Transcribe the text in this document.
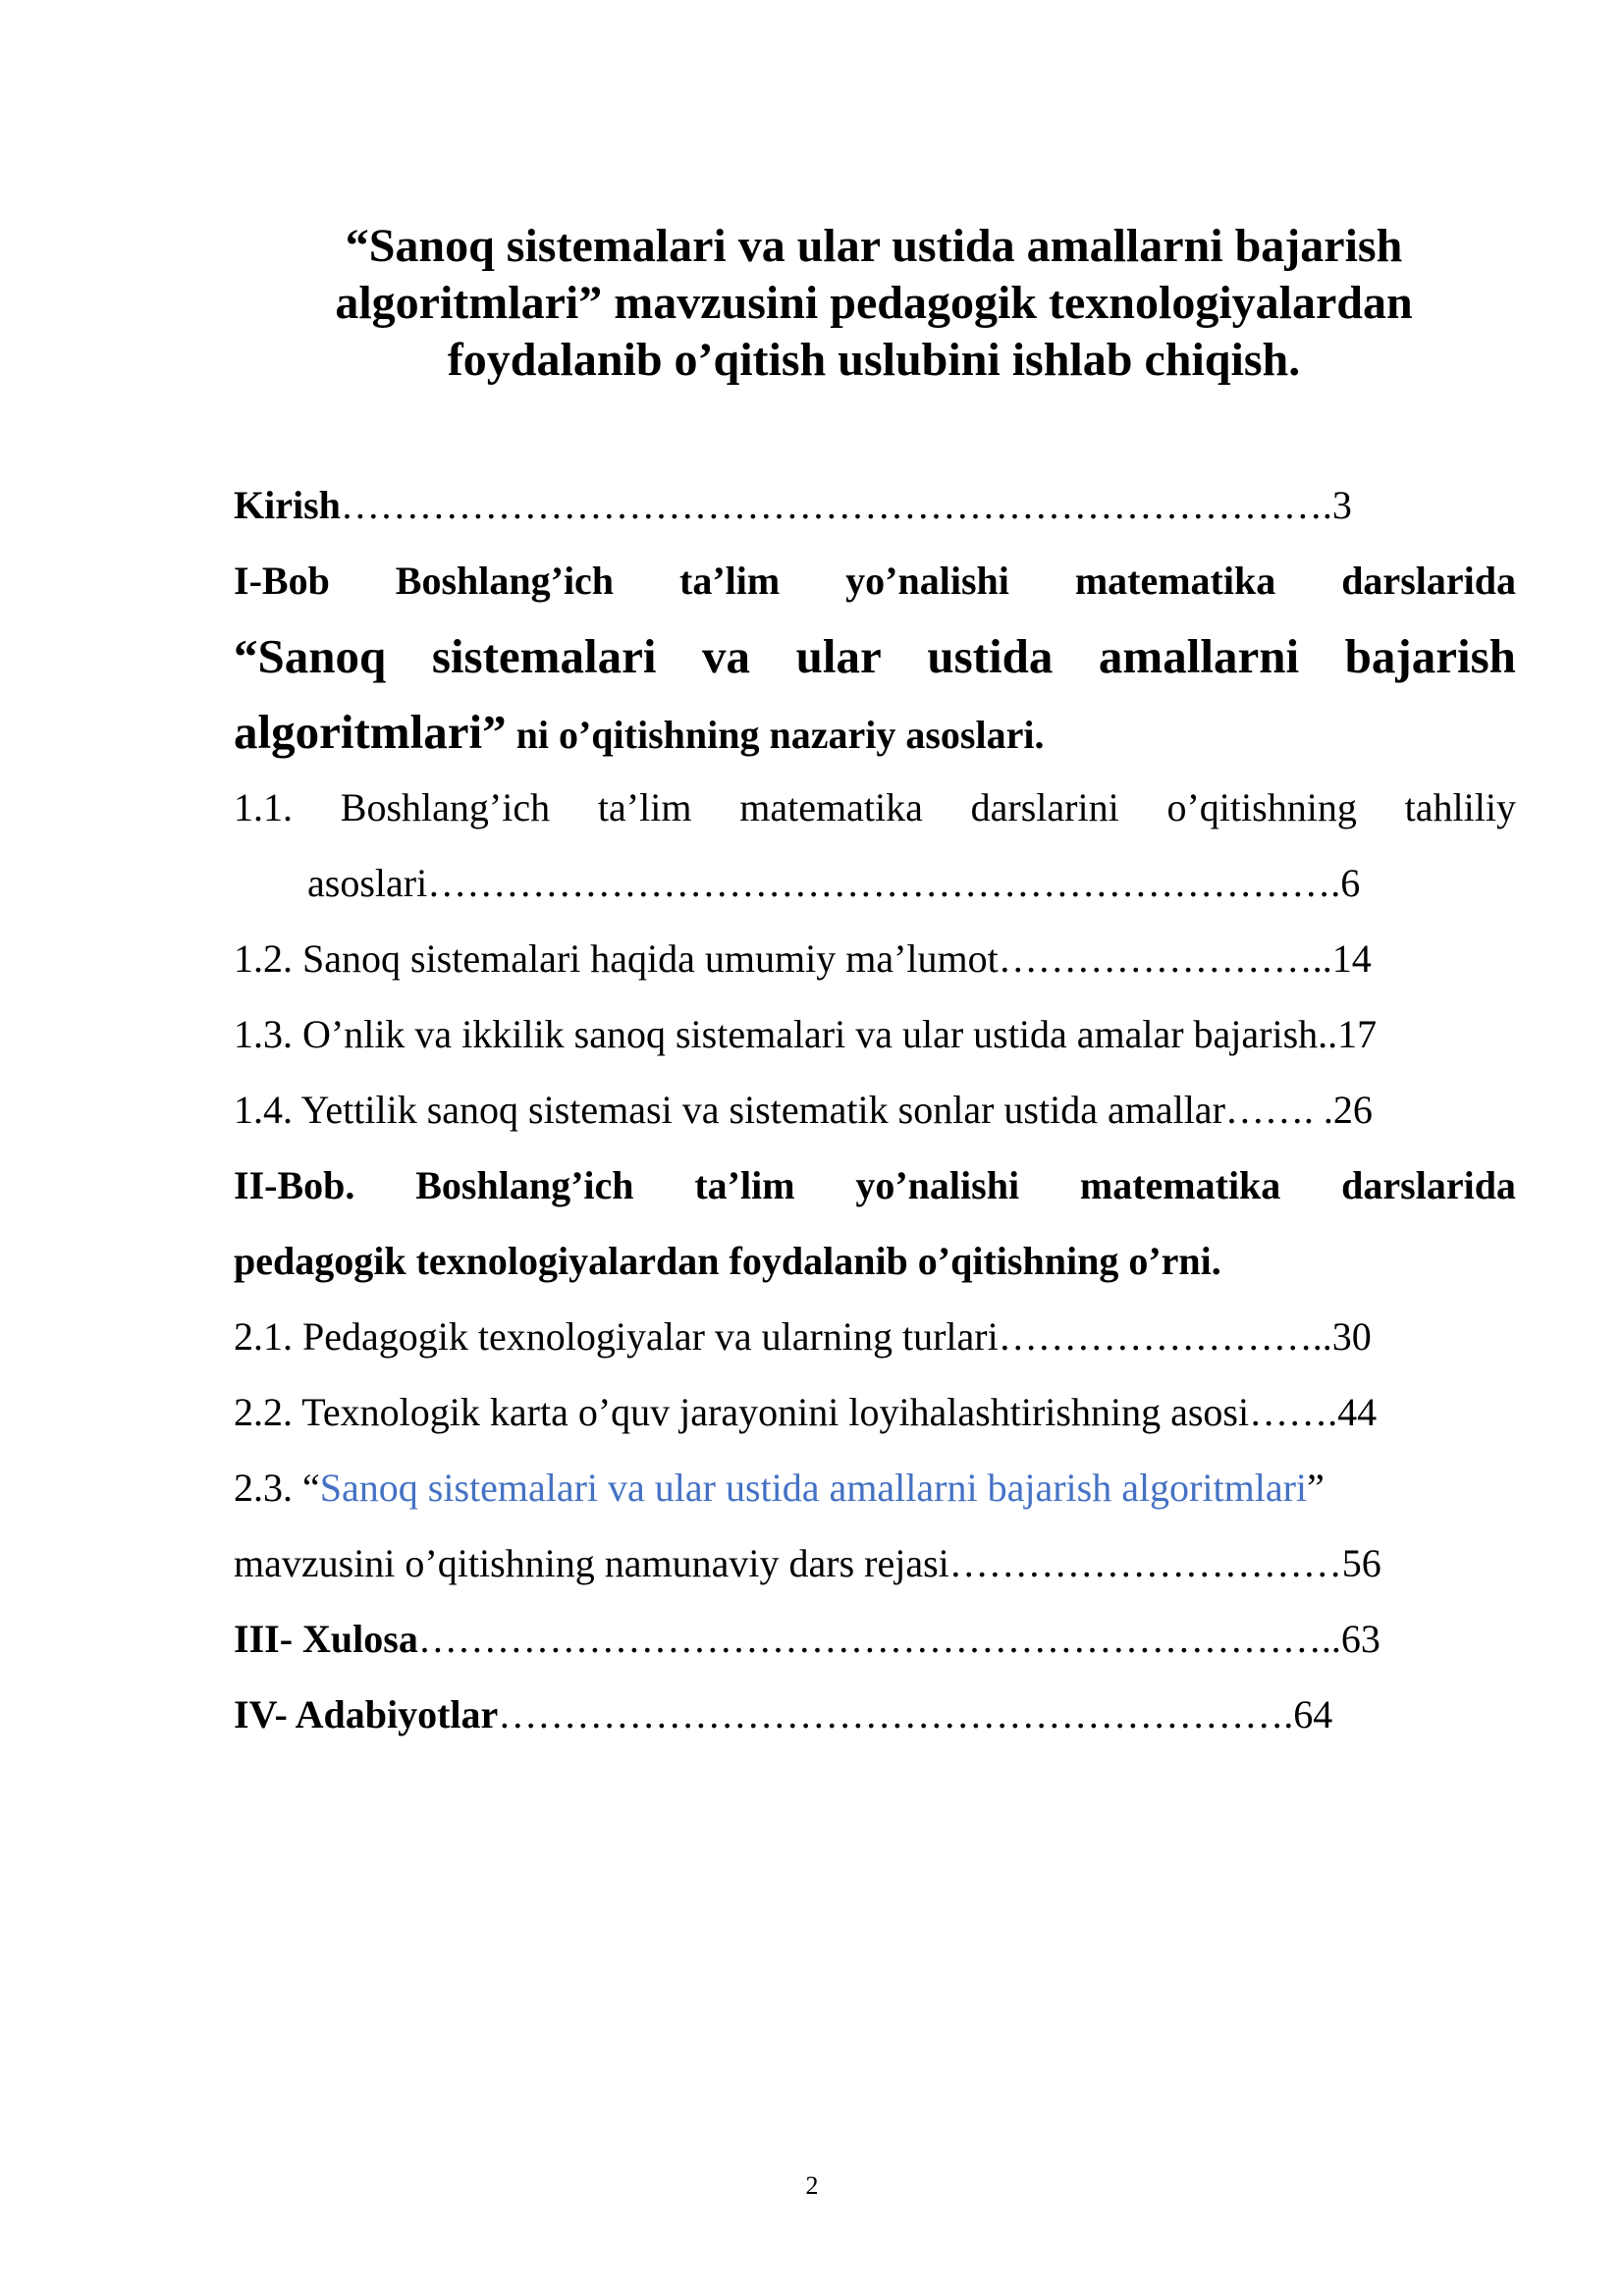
“Sanoq sistemalari va ular ustida amallarni bajarish
algoritmlari” mavzusini pedagogik texnologiyalardan
foydalanib o’qitish uslubini ishlab chiqish.
Kirish………………………………………………………………….3
I-Bob Boshlang’ich ta’lim yo’nalishi matematika darslarida
“Sanoq sistemalari va ular ustida amallarni bajarish
algoritmlari” ni o’qitishning nazariy asoslari.
1.1. Boshlang’ich ta’lim matematika darslarini o’qitishning tahliliy
asoslari…………………………………………………………….6
1.2. Sanoq sistemalari haqida umumiy ma’lumot……………………..14
1.3. O’nlik va ikkilik sanoq sistemalari va ular ustida amalar bajarish..17
1.4. Yettilik sanoq sistemasi va sistematik sonlar ustida amallar……. .26
II-Bob. Boshlang’ich ta’lim yo’nalishi matematika darslarida
pedagogik texnologiyalardan foydalanib o’qitishning o’rni.
2.1. Pedagogik texnologiyalar va ularning turlari……………………..30
2.2. Texnologik karta o’quv jarayonini loyihalashtirishning asosi…….44
2.3. “Sanoq sistemalari va ular ustida amallarni bajarish algoritmlari”
mavzusini o’qitishning namunaviy dars rejasi…………………………56
III- Xulosa……………………………………………………………..63
IV- Adabiyotlar…………………………………………………….64
2
